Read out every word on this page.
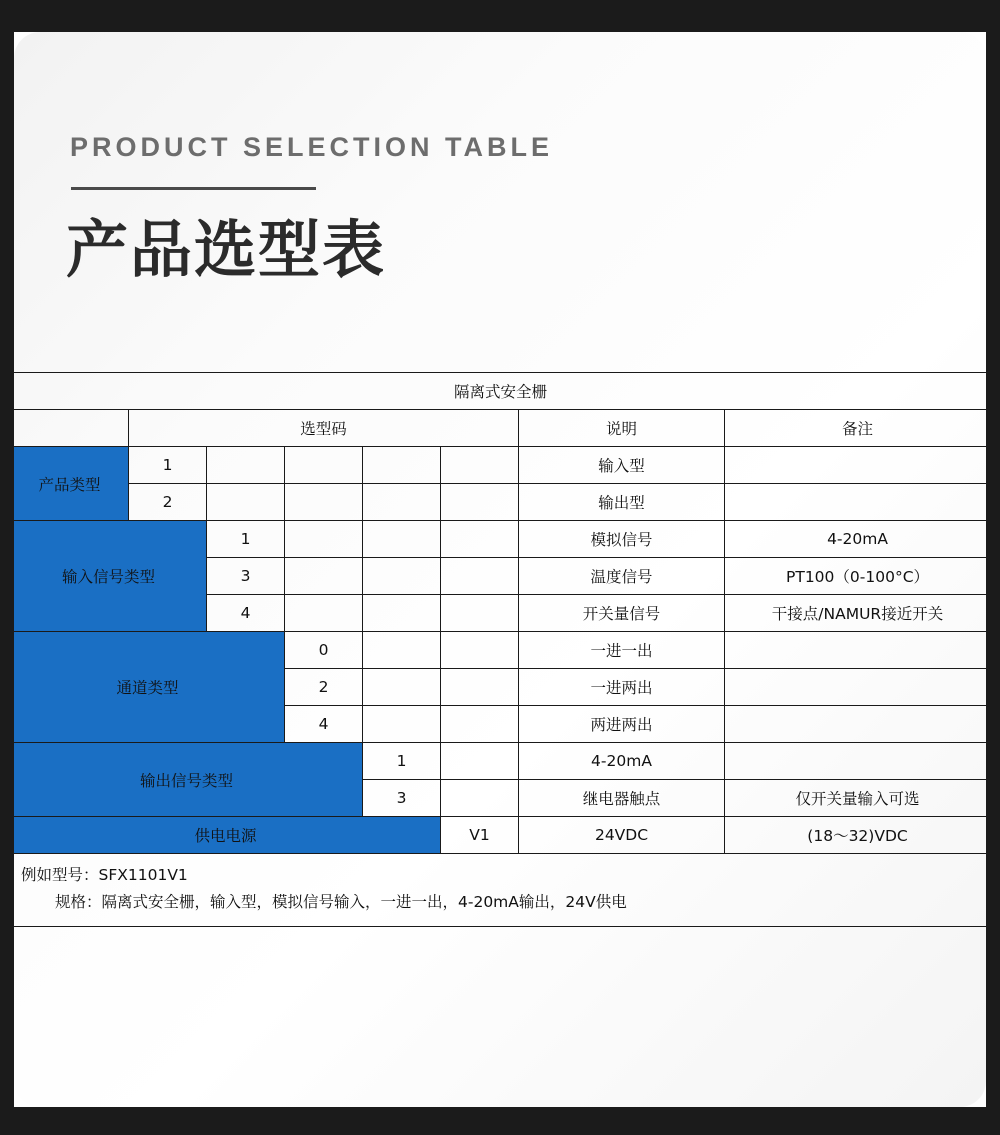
PRODUCT SELECTION TABLE
产品选型表
隔离式安全栅							
	选型码					说明	备注
产品类型	1					输入型	
	2					输出型	
输入信号类型		1				模拟信号	4-20mA
		3				温度信号	PT100（0-100°C）
		4				开关量信号	干接点/NAMUR接近开关
通道类型			0			一进一出	
			2			一进两出	
			4			两进两出	
输出信号类型				1		4-20mA	
				3		继电器触点	仅开关量输入可选
供电电源					V1	24VDC	(18～32)VDC
例如型号：SFX1101V1
规格：隔离式安全栅，输入型，模拟信号输入，一进一出，4-20mA输出，24V供电							
